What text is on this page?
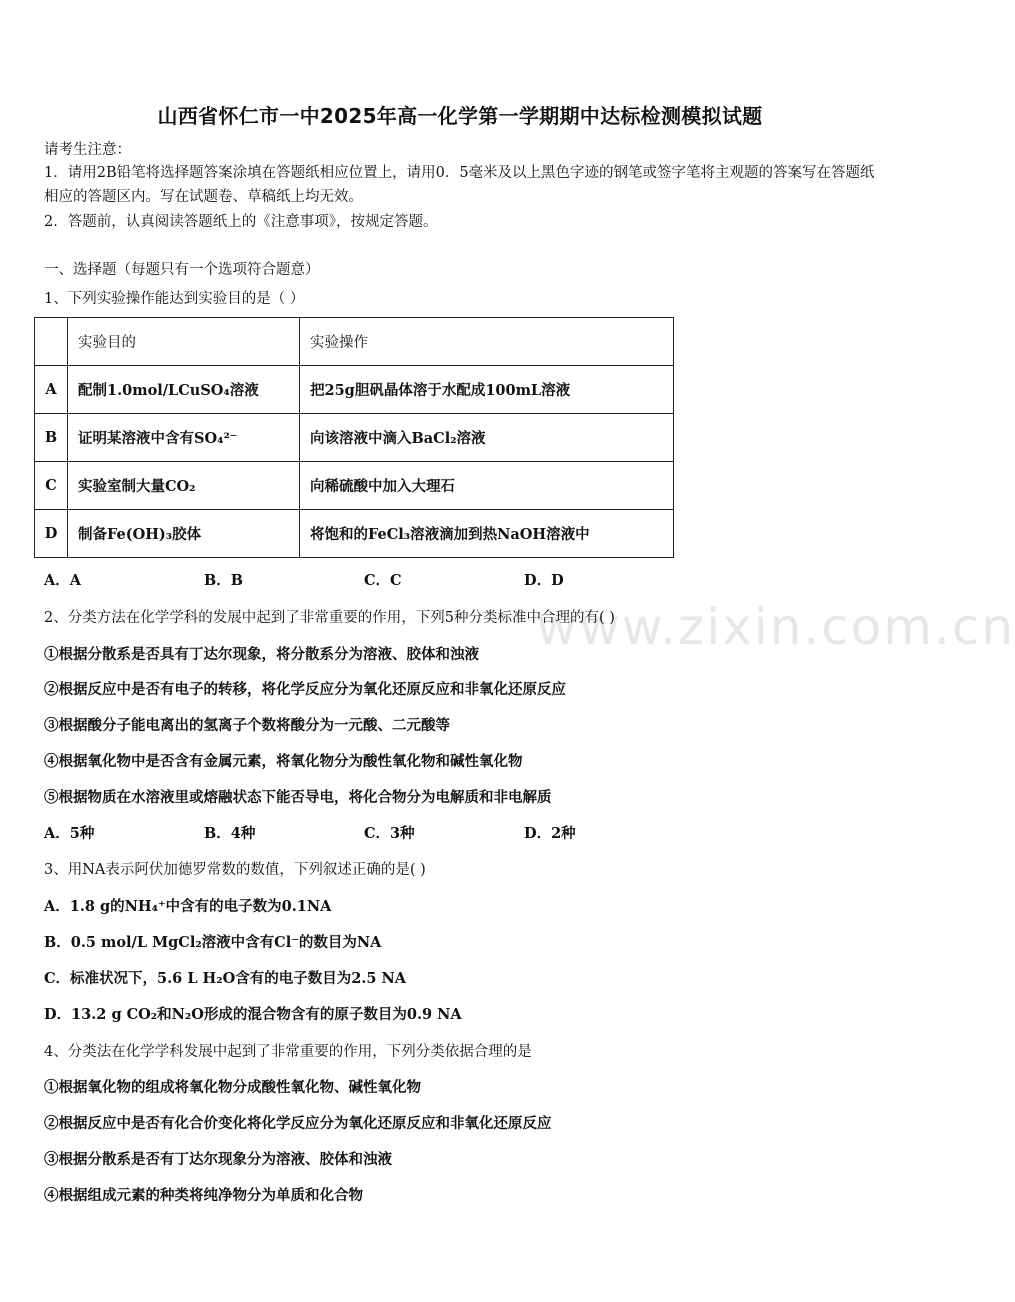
www.zixin.com.cn
山西省怀仁市一中2025年高一化学第一学期期中达标检测模拟试题
请考生注意：
1．请用2B铅笔将选择题答案涂填在答题纸相应位置上，请用0．5毫米及以上黑色字迹的钢笔或签字笔将主观题的答案写在答题纸相应的答题区内。写在试题卷、草稿纸上均无效。
2．答题前，认真阅读答题纸上的《注意事项》，按规定答题。
一、选择题（每题只有一个选项符合题意）
1、下列实验操作能达到实验目的是（ ）
	实验目的	实验操作
A	配制1.0mol/LCuSO₄溶液	把25g胆矾晶体溶于水配成100mL溶液
B	证明某溶液中含有SO₄²⁻	向该溶液中滴入BaCl₂溶液
C	实验室制大量CO₂	向稀硫酸中加入大理石
D	制备Fe(OH)₃胶体	将饱和的FeCl₃溶液滴加到热NaOH溶液中
A．A	B．B	C．C	D．D
2、分类方法在化学学科的发展中起到了非常重要的作用，下列5种分类标准中合理的有( )
①根据分散系是否具有丁达尔现象，将分散系分为溶液、胶体和浊液
②根据反应中是否有电子的转移，将化学反应分为氧化还原反应和非氧化还原反应
③根据酸分子能电离出的氢离子个数将酸分为一元酸、二元酸等
④根据氧化物中是否含有金属元素，将氧化物分为酸性氧化物和碱性氧化物
⑤根据物质在水溶液里或熔融状态下能否导电，将化合物分为电解质和非电解质
A．5种	B．4种	C．3种	D．2种
3、用NA表示阿伏加德罗常数的数值，下列叙述正确的是( )
A．1.8 g的NH₄⁺中含有的电子数为0.1NA
B．0.5 mol/L MgCl₂溶液中含有Cl⁻的数目为NA
C．标准状况下，5.6 L H₂O含有的电子数目为2.5 NA
D．13.2 g CO₂和N₂O形成的混合物含有的原子数目为0.9 NA
4、分类法在化学学科发展中起到了非常重要的作用，下列分类依据合理的是
①根据氧化物的组成将氧化物分成酸性氧化物、碱性氧化物
②根据反应中是否有化合价变化将化学反应分为氧化还原反应和非氧化还原反应
③根据分散系是否有丁达尔现象分为溶液、胶体和浊液
④根据组成元素的种类将纯净物分为单质和化合物
